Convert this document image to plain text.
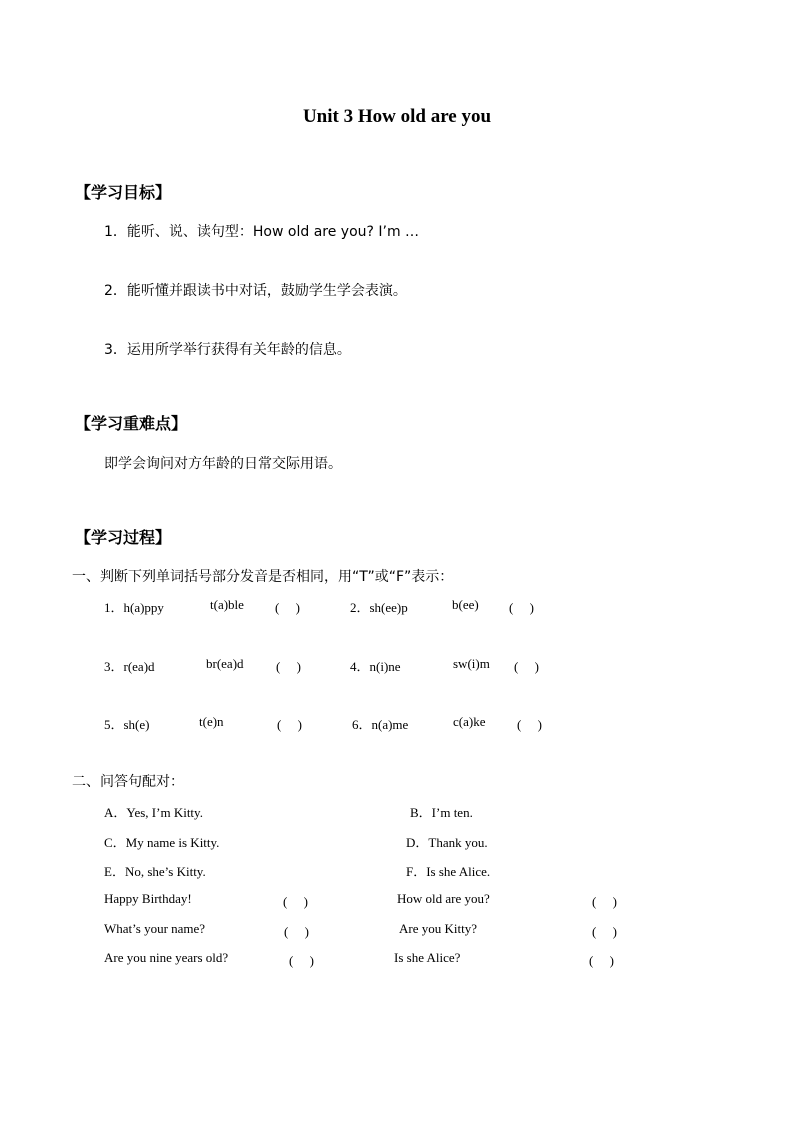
Unit 3 How old are you
【学习目标】
1．能听、说、读句型：How old are you? I’m …
2．能听懂并跟读书中对话，鼓励学生学会表演。
3．运用所学举行获得有关年龄的信息。
【学习重难点】
即学会询问对方年龄的日常交际用语。
【学习过程】
一、判断下列单词括号部分发音是否相同，用“T”或“F”表示：
1．h(a)ppy	t(a)ble (　 )	2．sh(ee)p	b(ee) (　 )
3．r(ea)d	br(ea)d (　 )	4．n(i)ne	sw(i)m (　 )
5．sh(e)	t(e)n	(　 )	6．n(a)me	c(a)ke (　 )
二、问答句配对：
A．Yes, I’m Kitty.	B．I’m ten.
C．My name is Kitty.	D．Thank you.
E．No, she’s Kitty.	F．Is she Alice.
Happy Birthday!	(　 )	How old are you?	(　 )
What’s your name?	(　 )	Are you Kitty?	(　 )
Are you nine years old?	(　 )	Is she Alice?	(　 )
